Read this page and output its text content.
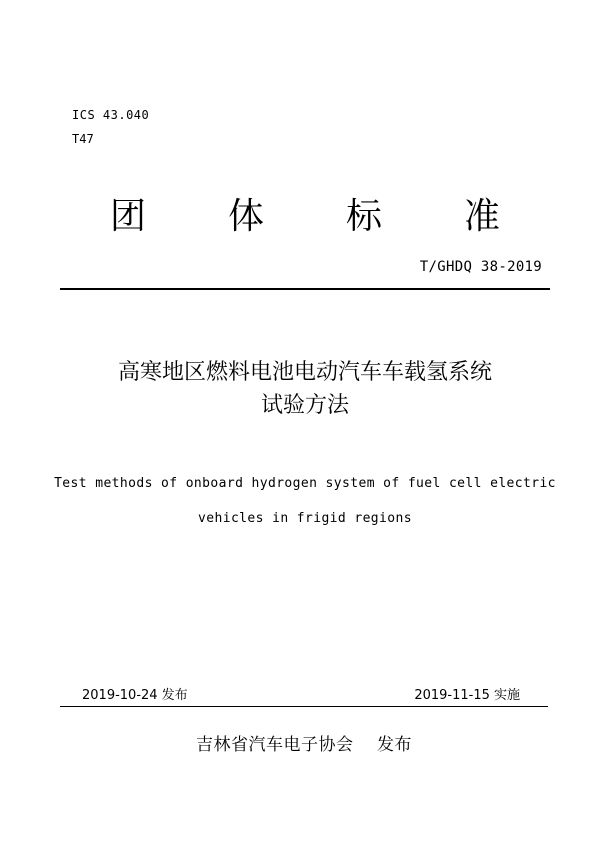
ICS 43.040
T47
团 体 标 准
T/GHDQ 38-2019
高寒地区燃料电池电动汽车车载氢系统
试验方法
Test methods of onboard hydrogen system of fuel cell electric
vehicles in frigid regions
2019-10-24 发布	2019-11-15 实施
吉林省汽车电子协会　 发布
